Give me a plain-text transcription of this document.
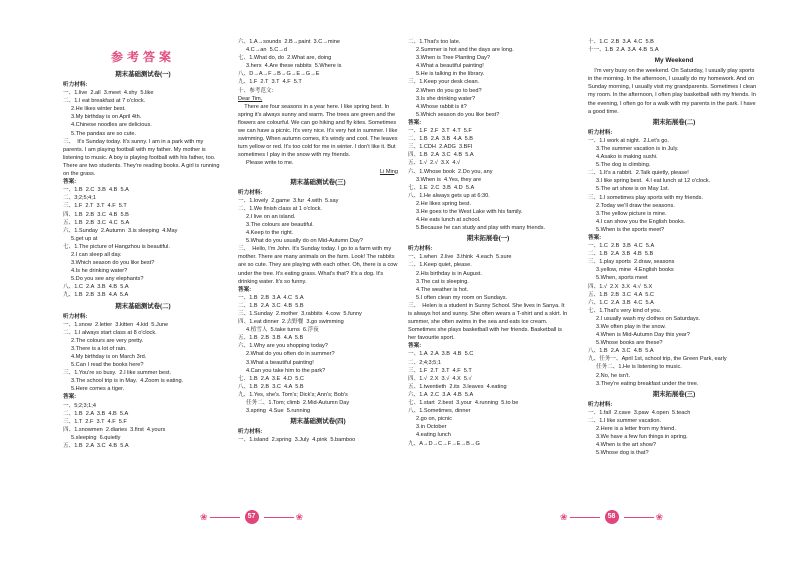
参考答案
期末基础测试卷(一)
听力材料:
一、1.live  2.all  3.meet  4.shy  5.like
二、1.I eat breakfast at 7 o'clock.
2.He likes winter best.
3.My birthday is on April 4th.
4.Chinese noodles are delicious.
5.The pandas are so cute.
三、  It's Sunday today. It's sunny. I am in a park with my parents. I am playing football with my father. My mother is listening to music. A boy is playing football with his father, too. There are two students. They're reading books. A girl is running on the grass.
答案:
一、1.B  2.C  3.B  4.B  5.A
二、3;2;5;4;1
三、1.F  2.T  3.T  4.F  5.T
四、1.B  2.B  3.C  4.B  5.B
五、1.B  2.B  3.C  4.C  5.A
六、1.Sunday  2.Autumn  3.is sleeping  4.May
5.get up at
七、1.The picture of Hangzhou is beautiful.
2.I can sleep all day.
3.Which season do you like best?
4.Is he drinking water?
5.Do you see any elephants?
八、1.C  2.A  3.B  4.B  5.A
九、1.B  2.B  3.B  4.A  5.A
期末基础测试卷(二)
听力材料:
一、1.snow  2.letter  3.kitten  4.kid  5.June
二、1.I always start class at 8 o'clock.
2.The colours are very pretty.
3.There is a lot of rain.
4.My birthday is on March 3rd.
5.Can I read the books here?
三、1.You're so busy.  2.I like summer best.
3.The school trip is in May.  4.Zoom is eating.
5.Here comes a tiger.
答案:
一、5;2;3;1;4
二、1.B  2.A  3.B  4.B  5.A
三、1.T  2.F  3.T  4.F  5.F
四、1.snowmen  2.diaries  3.first  4.yours
5.sleeping  6.quietly
五、1.B  2.A  3.C  4.B  5.A
六、1.A→sounds  2.B→paint  3.C→mine
4.C→an  5.C→d
七、1.What do, do  2.What are, doing
3.hers  4.Are these rabbits  5.Where is
八、D→A→F→B→G→E→G→E
九、1.F  2.T  3.T  4.F  5.T
十、参考范文:
Dear Tim,
There are four seasons in a year here. I like spring best. In spring it's always sunny and warm. The trees are green and the flowers are colourful. We can go hiking and fly kites. Sometimes we can have a picnic. It's very nice. It's very hot in summer. I like swimming. When autumn comes, it's windy and cool. The leaves turn yellow or red. It's too cold for me in winter. I don't like it. But sometimes I play in the snow with my friends.
Please write to me.
Li Ming
期末基础测试卷(三)
听力材料:
一、1.lovely  2.game  3.fur  4.with  5.say
二、1.We finish class at 1 o'clock.
2.I live on an island.
3.The colours are beautiful.
4.Keep to the right.
5.What do you usually do on Mid-Autumn Day?
三、  Hello, I'm John. It's Sunday today. I go to a farm with my mother. There are many animals on the farm. Look! The rabbits are so cute. They are playing with each other. Oh, there is a cow under the tree. It's eating grass. What's that? It's a dog. It's drinking water. It's so funny.
答案:
一、1.B  2.B  3.A  4.C  5.A
二、1.B  2.A  3.C  4.B  5.B
三、1.Sunday  2.mother  3.rabbits  4.cow  5.funny
四、1.eat dinner  2.去野餐  3.go swimming
4.植雪人  5.take turns  6.浮夜
五、1.B  2.B  3.B  4.A  5.B
六、1.Why are you shopping today?
2.What do you often do in summer?
3.What a beautiful painting!
4.Can you take him to the park?
七、1.B  2.A  3.E  4.D  5.C
八、1.B  2.B  3.C  4.A  5.B
九、1.Yes, she's. Tom's; Dick's; Ann's; Bob's
任务二、1.Tom; climb  2.Mid-Autumn Day
3.spring  4.Sue  5.running
期末基础测试卷(四)
听力材料:
一、1.island  2.spring  3.July  4.pink  5.bamboo
二、1.That's too late.
2.Summer is hot and the days are long.
3.When is Tree Planting Day?
4.What a beautiful painting!
5.He is talking in the library.
三、1.Keep your desk clean.
2.When do you go to bed?
3.Is she drinking water?
4.Whose rabbit is it?
5.Which season do you like best?
答案:
一、1.F  2.F  3.T  4.T  5.F
二、1.B  2.A  3.B  4.A  5.B
三、1.CDH  2.ADG  3.BFI
四、1.B  2.A  3.C  4.B  5.A
五、1.√  2.√  3.X  4.√
六、1.Whose book  2.Do you, any
3.When is  4.Yes, they are
七、1.E  2.C  3.B  4.D  5.A
八、1.He always gets up at 6:30.
2.He likes spring best.
3.He goes to the West Lake with his family.
4.He eats lunch at school.
5.Because he can study and play with many friends.
期末拓展卷(一)
听力材料:
一、1.when  2.live  3.think  4.each  5.sure
二、1.Keep quiet, please.
2.His birthday is in August.
3.The cat is sleeping.
4.The weather is hot.
5.I often clean my room on Sundays.
三、  Helen is a student in Sunny School. She lives in Sanya. It is always hot and sunny. She often wears a T-shirt and a skirt. In summer, she often swims in the sea and eats ice cream. Sometimes she plays basketball with her friends. Basketball is her favourite sport.
答案:
一、1.A  2.A  3.B  4.B  5.C
二、2;4;3;5;1
三、1.F  2.T  3.T  4.F  5.T
四、1.√  2.X  3.√  4.X  5.√
五、1.twentieth  2.its  3.leaves  4.eating
六、1.A  2.C  3.A  4.B  5.A
七、1.start  2.best  3.your  4.running  5.to be
八、1.Sometimes, dinner
2.go on, picnic
3.in October
4.eating lunch
九、A→D→C→F→E→B→G
十、1.C  2.B  3.A  4.C  5.B
十一、1.B  2.A  3.A  4.B  5.A
My Weekend
I'm very busy on the weekend. On Saturday, I usually play sports in the morning. In the afternoon, I usually do my homework. And on Sunday morning, I usually visit my grandparents. Sometimes I clean my room. In the afternoon, I often play basketball with my friends. In the evening, I often go for a walk with my parents in the park. I have a good time.
期末拓展卷(二)
听力材料:
一、1.I work at night.  2.Let's go.
3.The summer vacation is in July.
4.Asako is making sushi.
5.The dog is climbing.
二、1.It's a rabbit.  2.Talk quietly, please!
3.I like spring best.  4.I eat lunch at 12 o'clock.
5.The art show is on May 1st.
三、1.I sometimes play sports with my friends.
2.Today we'll draw the seasons.
3.The yellow picture is mine.
4.I can show you the English books.
5.When is the sports meet?
答案:
一、1.C  2.B  3.B  4.C  5.A
二、1.B  2.A  3.B  4.B  5.B
三、1.play sports  2.draw, seasons
3.yellow, mine  4.English books
5.When, sports meet
四、1.√  2.X  3.X  4.√  5.X
五、1.B  2.B  3.C  4.A  5.C
六、1.C  2.A  3.B  4.C  5.A
七、1.That's very kind of you.
2.I usually wash my clothes on Saturdays.
3.We often play in the snow.
4.When is Mid-Autumn Day this year?
5.Whose books are these?
八、1.B  2.A  3.C  4.B  5.A
九、任务一、April 1st, school trip, the Green Park, early
任务二、1.He is listening to music.
2.No, he isn't.
3.They're eating breakfast under the tree.
期末拓展卷(三)
听力材料:
一、1.fall  2.cave  3.paw  4.open  5.teach
二、1.I like summer vacation.
2.Here is a letter from my friend.
3.We have a few fun things in spring.
4.When is the art show?
5.Whose dog is that?
❀	57	❀	❀	58	❀
